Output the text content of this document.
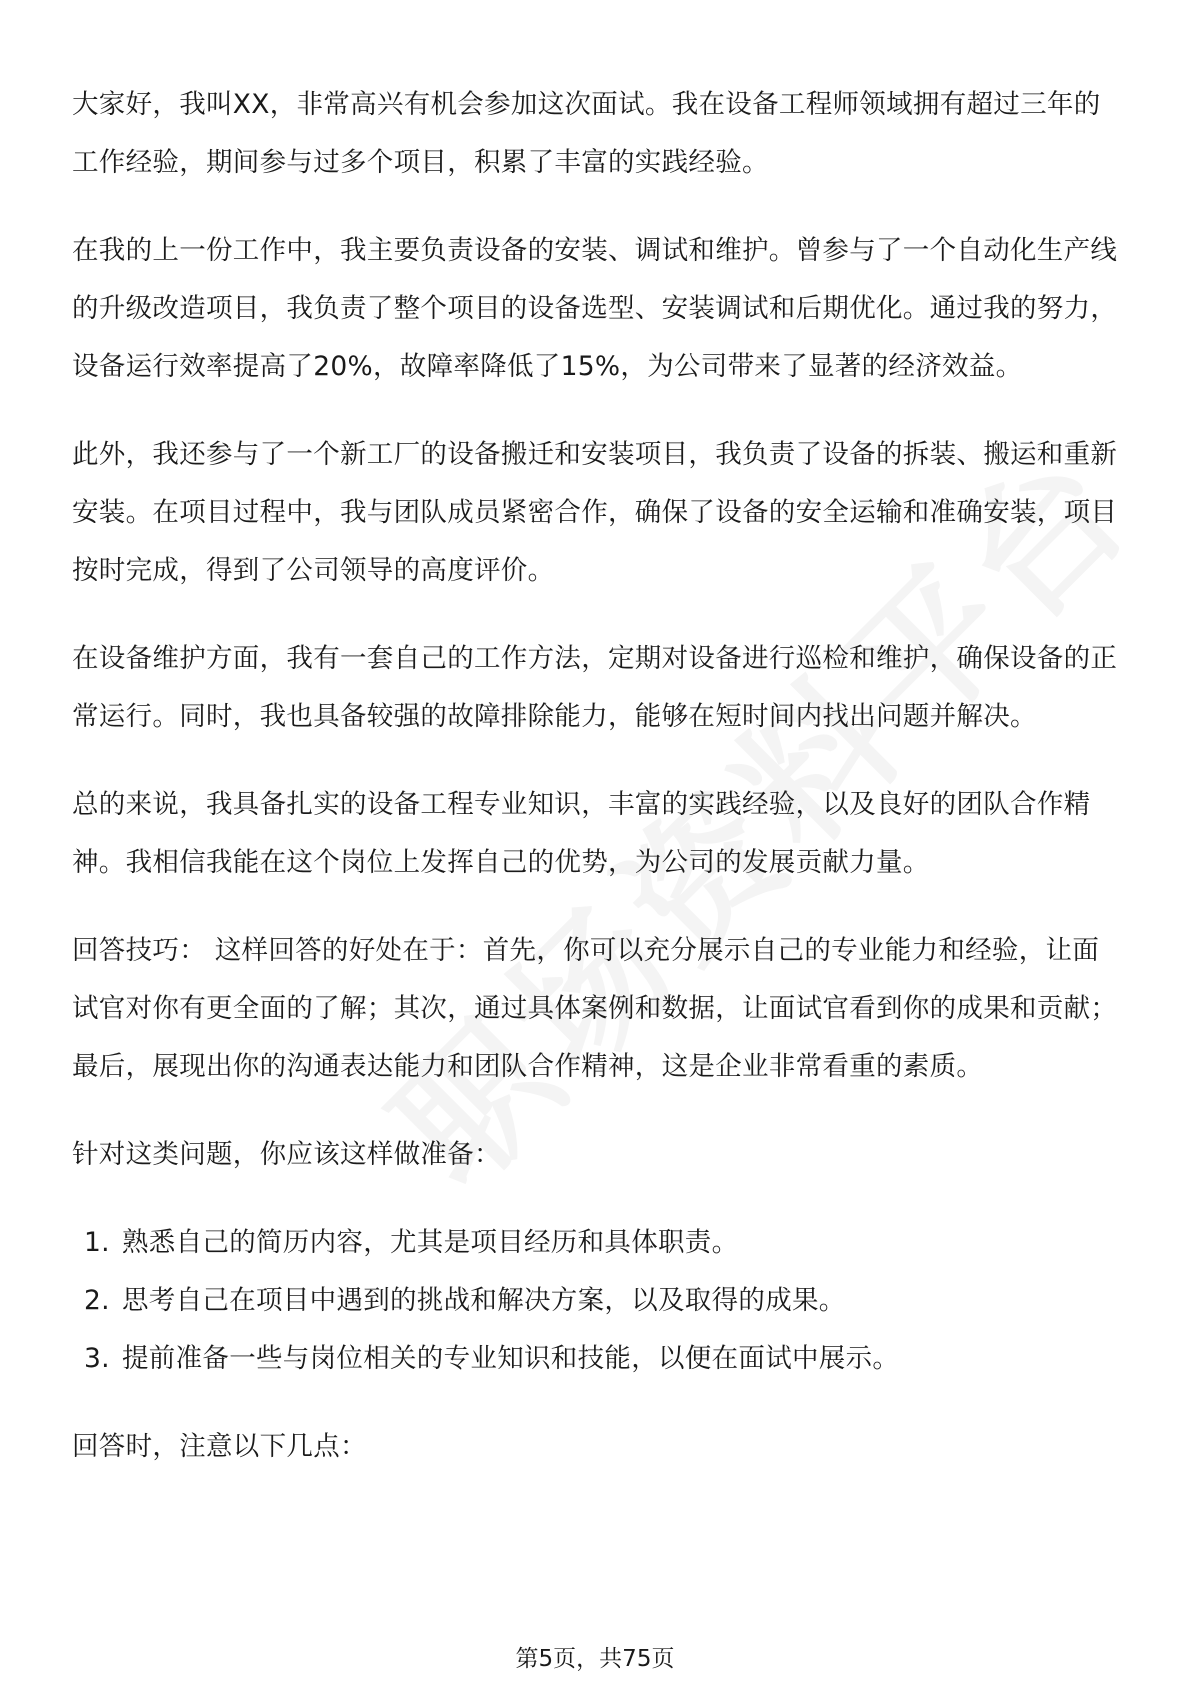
大家好，我叫XX，非常高兴有机会参加这次面试。我在设备工程师领域拥有超过三年的工作经验，期间参与过多个项目，积累了丰富的实践经验。

在我的上一份工作中，我主要负责设备的安装、调试和维护。曾参与了一个自动化生产线的升级改造项目，我负责了整个项目的设备选型、安装调试和后期优化。通过我的努力，设备运行效率提高了20%，故障率降低了15%，为公司带来了显著的经济效益。

此外，我还参与了一个新工厂的设备搬迁和安装项目，我负责了设备的拆装、搬运和重新安装。在项目过程中，我与团队成员紧密合作，确保了设备的安全运输和准确安装，项目按时完成，得到了公司领导的高度评价。

在设备维护方面，我有一套自己的工作方法，定期对设备进行巡检和维护，确保设备的正常运行。同时，我也具备较强的故障排除能力，能够在短时间内找出问题并解决。

总的来说，我具备扎实的设备工程专业知识，丰富的实践经验，以及良好的团队合作精神。我相信我能在这个岗位上发挥自己的优势，为公司的发展贡献力量。

回答技巧： 这样回答的好处在于：首先，你可以充分展示自己的专业能力和经验，让面试官对你有更全面的了解；其次，通过具体案例和数据，让面试官看到你的成果和贡献；最后，展现出你的沟通表达能力和团队合作精神，这是企业非常看重的素质。

针对这类问题，你应该这样做准备：

1. 熟悉自己的简历内容，尤其是项目经历和具体职责。
2. 思考自己在项目中遇到的挑战和解决方案，以及取得的成果。
3. 提前准备一些与岗位相关的专业知识和技能，以便在面试中展示。

回答时，注意以下几点：

第5页，共75页
